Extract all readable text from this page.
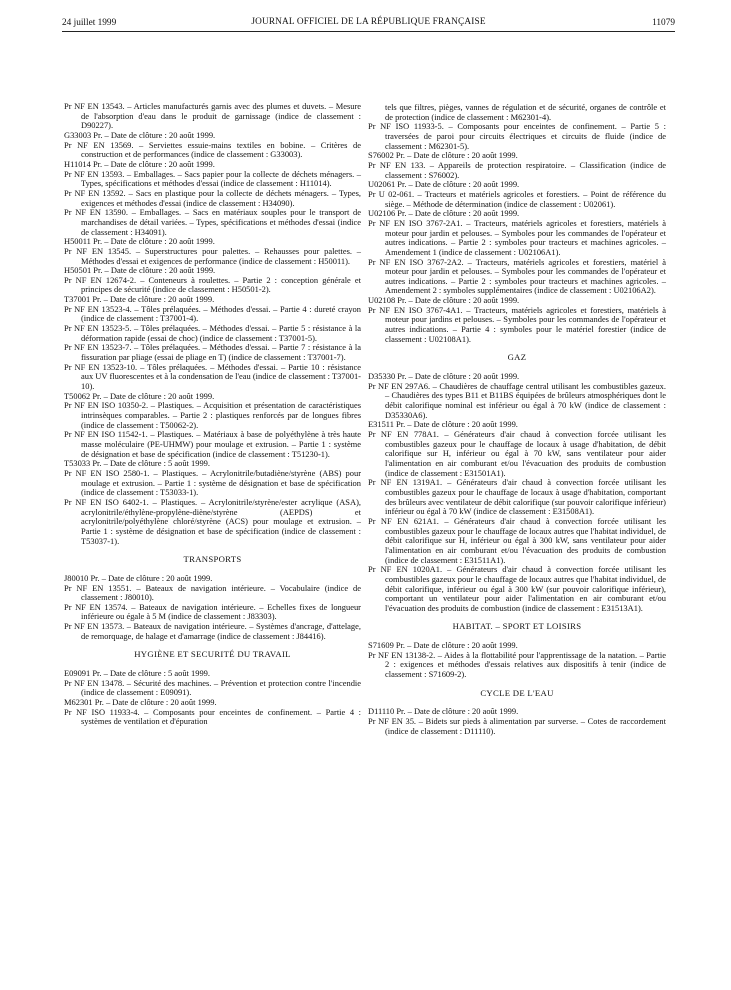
24 juillet 1999	JOURNAL OFFICIEL DE LA RÉPUBLIQUE FRANÇAISE	11079
Pr NF EN 13543. – Articles manufacturés garnis avec des plumes et duvets. – Mesure de l'absorption d'eau dans le produit de garnissage (indice de classement : D90227).
G33003 Pr. – Date de clôture : 20 août 1999.
Pr NF EN 13569. – Serviettes essuie-mains textiles en bobine. – Critères de construction et de performances (indice de classement : G33003).
H11014 Pr. – Date de clôture : 20 août 1999.
Pr NF EN 13593. – Emballages. – Sacs papier pour la collecte de déchets ménagers. – Types, spécifications et méthodes d'essai (indice de classement : H11014).
Pr NF EN 13592. – Sacs en plastique pour la collecte de déchets ménagers. – Types, exigences et méthodes d'essai (indice de classement : H34090).
Pr NF EN 13590. – Emballages. – Sacs en matériaux souples pour le transport de marchandises de détail variées. – Types, spécifications et méthodes d'essai (indice de classement : H34091).
H50011 Pr. – Date de clôture : 20 août 1999.
Pr NF EN 13545. – Superstructures pour palettes. – Rehausses pour palettes. – Méthodes d'essai et exigences de performance (indice de classement : H50011).
H50501 Pr. – Date de clôture : 20 août 1999.
Pr NF EN 12674-2. – Conteneurs à roulettes. – Partie 2 : conception générale et principes de sécurité (indice de classement : H50501-2).
T37001 Pr. – Date de clôture : 20 août 1999.
Pr NF EN 13523-4. – Tôles prélaquées. – Méthodes d'essai. – Partie 4 : dureté crayon (indice de classement : T37001-4).
Pr NF EN 13523-5. – Tôles prélaquées. – Méthodes d'essai. – Partie 5 : résistance à la déformation rapide (essai de choc) (indice de classement : T37001-5).
Pr NF EN 13523-7. – Tôles prélaquées. – Méthodes d'essai. – Partie 7 : résistance à la fissuration par pliage (essai de pliage en T) (indice de classement : T37001-7).
Pr NF EN 13523-10. – Tôles prélaquées. – Méthodes d'essai. – Partie 10 : résistance aux UV fluorescentes et à la condensation de l'eau (indice de classement : T37001-10).
T50062 Pr. – Date de clôture : 20 août 1999.
Pr NF EN ISO 10350-2. – Plastiques. – Acquisition et présentation de caractéristiques intrinsèques comparables. – Partie 2 : plastiques renforcés par de longues fibres (indice de classement : T50062-2).
Pr NF EN ISO 11542-1. – Plastiques. – Matériaux à base de polyéthylène à très haute masse moléculaire (PE-UHMW) pour moulage et extrusion. – Partie 1 : système de désignation et base de spécification (indice de classement : T51230-1).
T53033 Pr. – Date de clôture : 5 août 1999.
Pr NF EN ISO 2580-1. – Plastiques. – Acrylonitrile/butadiène/styrène (ABS) pour moulage et extrusion. – Partie 1 : système de désignation et base de spécification (indice de classement : T53033-1).
Pr NF EN ISO 6402-1. – Plastiques. – Acrylonitrile/styrène/ester acrylique (ASA), acrylonitrile/éthylène-propylène-diène/styrène (AEPDS) et acrylonitrile/polyéthylène chloré/styrène (ACS) pour moulage et extrusion. – Partie 1 : système de désignation et base de spécification (indice de classement : T53037-1).
TRANSPORTS
J80010 Pr. – Date de clôture : 20 août 1999.
Pr NF EN 13551. – Bateaux de navigation intérieure. – Vocabulaire (indice de classement : J80010).
Pr NF EN 13574. – Bateaux de navigation intérieure. – Echelles fixes de longueur inférieure ou égale à 5 M (indice de classement : J83303).
Pr NF EN 13573. – Bateaux de navigation intérieure. – Systèmes d'ancrage, d'attelage, de remorquage, de halage et d'amarrage (indice de classement : J84416).
HYGIÈNE ET SECURITÉ DU TRAVAIL
E09091 Pr. – Date de clôture : 5 août 1999.
Pr NF EN 13478. – Sécurité des machines. – Prévention et protection contre l'incendie (indice de classement : E09091).
M62301 Pr. – Date de clôture : 20 août 1999.
Pr NF ISO 11933-4. – Composants pour enceintes de confinement. – Partie 4 : systèmes de ventilation et d'épuration
tels que filtres, pièges, vannes de régulation et de sécurité, organes de contrôle et de protection (indice de classement : M62301-4).
Pr NF ISO 11933-5. – Composants pour enceintes de confinement. – Partie 5 : traversées de paroi pour circuits électriques et circuits de fluide (indice de classement : M62301-5).
S76002 Pr. – Date de clôture : 20 août 1999.
Pr NF EN 133. – Appareils de protection respiratoire. – Classification (indice de classement : S76002).
U02061 Pr. – Date de clôture : 20 août 1999.
Pr U 02-061. – Tracteurs et matériels agricoles et forestiers. – Point de référence du siège. – Méthode de détermination (indice de classement : U02061).
U02106 Pr. – Date de clôture : 20 août 1999.
Pr NF EN ISO 3767-2A1. – Tracteurs, matériels agricoles et forestiers, matériels à moteur pour jardin et pelouses. – Symboles pour les commandes de l'opérateur et autres indications. – Partie 2 : symboles pour tracteurs et machines agricoles. – Amendement 1 (indice de classement : U02106A1).
Pr NF EN ISO 3767-2A2. – Tracteurs, matériels agricoles et forestiers, matériel à moteur pour jardin et pelouses. – Symboles pour les commandes de l'opérateur et autres indications. – Partie 2 : symboles pour tracteurs et machines agricoles. – Amendement 2 : symboles supplémentaires (indice de classement : U02106A2).
U02108 Pr. – Date de clôture : 20 août 1999.
Pr NF EN ISO 3767-4A1. – Tracteurs, matériels agricoles et forestiers, matériels à moteur pour jardins et pelouses. – Symboles pour les commandes de l'opérateur et autres indications. – Partie 4 : symboles pour le matériel forestier (indice de classement : U02108A1).
GAZ
D35330 Pr. – Date de clôture : 20 août 1999.
Pr NF EN 297A6. – Chaudières de chauffage central utilisant les combustibles gazeux. – Chaudières des types B11 et B11BS équipées de brûleurs atmosphériques dont le débit calorifique nominal est inférieur ou égal à 70 kW (indice de classement : D35330A6).
E31511 Pr. – Date de clôture : 20 août 1999.
Pr NF EN 778A1. – Générateurs d'air chaud à convection forcée utilisant les combustibles gazeux pour le chauffage de locaux à usage d'habitation, de débit calorifique sur H, inférieur ou égal à 70 kW, sans ventilateur pour aider l'alimentation en air comburant et/ou l'évacuation des produits de combustion (indice de classement : E31501A1).
Pr NF EN 1319A1. – Générateurs d'air chaud à convection forcée utilisant les combustibles gazeux pour le chauffage de locaux à usage d'habitation, comportant des brûleurs avec ventilateur de débit calorifique (sur pouvoir calorifique inférieur) inférieur ou égal à 70 kW (indice de classement : E31508A1).
Pr NF EN 621A1. – Générateurs d'air chaud à convection forcée utilisant les combustibles gazeux pour le chauffage de locaux autres que l'habitat individuel, de débit calorifique sur H, inférieur ou égal à 300 kW, sans ventilateur pour aider l'alimentation en air comburant et/ou l'évacuation des produits de combustion (indice de classement : E31511A1).
Pr NF EN 1020A1. – Générateurs d'air chaud à convection forcée utilisant les combustibles gazeux pour le chauffage de locaux autres que l'habitat individuel, de débit calorifique, inférieur ou égal à 300 kW (sur pouvoir calorifique inférieur), comportant un ventilateur pour aider l'alimentation en air comburant et/ou l'évacuation des produits de combustion (indice de classement : E31513A1).
HABITAT. – SPORT ET LOISIRS
S71609 Pr. – Date de clôture : 20 août 1999.
Pr NF EN 13138-2. – Aides à la flottabilité pour l'apprentissage de la natation. – Partie 2 : exigences et méthodes d'essais relatives aux dispositifs à tenir (indice de classement : S71609-2).
CYCLE DE L'EAU
D11110 Pr. – Date de clôture : 20 août 1999.
Pr NF EN 35. – Bidets sur pieds à alimentation par surverse. – Cotes de raccordement (indice de classement : D11110).
